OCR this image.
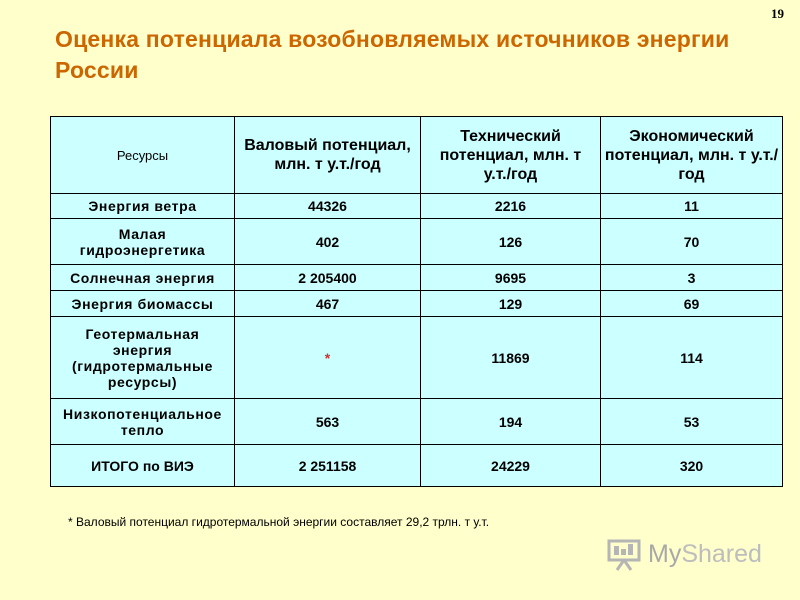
19
Оценка потенциала возобновляемых источников энергии России
Ресурсы	Валовый потенциал, млн. т у.т./год	Технический потенциал, млн. т у.т./год	Экономический потенциал, млн. т у.т./год
Энергия ветра	44326	2216	11
Малая гидроэнергетика	402	126	70
Солнечная энергия	2 205400	9695	3
Энергия биомассы	467	129	69
Геотермальная энергия (гидротермальные ресурсы)	*	11869	114
Низкопотенциальное тепло	563	194	53
ИТОГО по ВИЭ	2 251158	24229	320
* Валовый потенциал гидротермальной энергии составляет 29,2 трлн. т у.т.
MyShared
